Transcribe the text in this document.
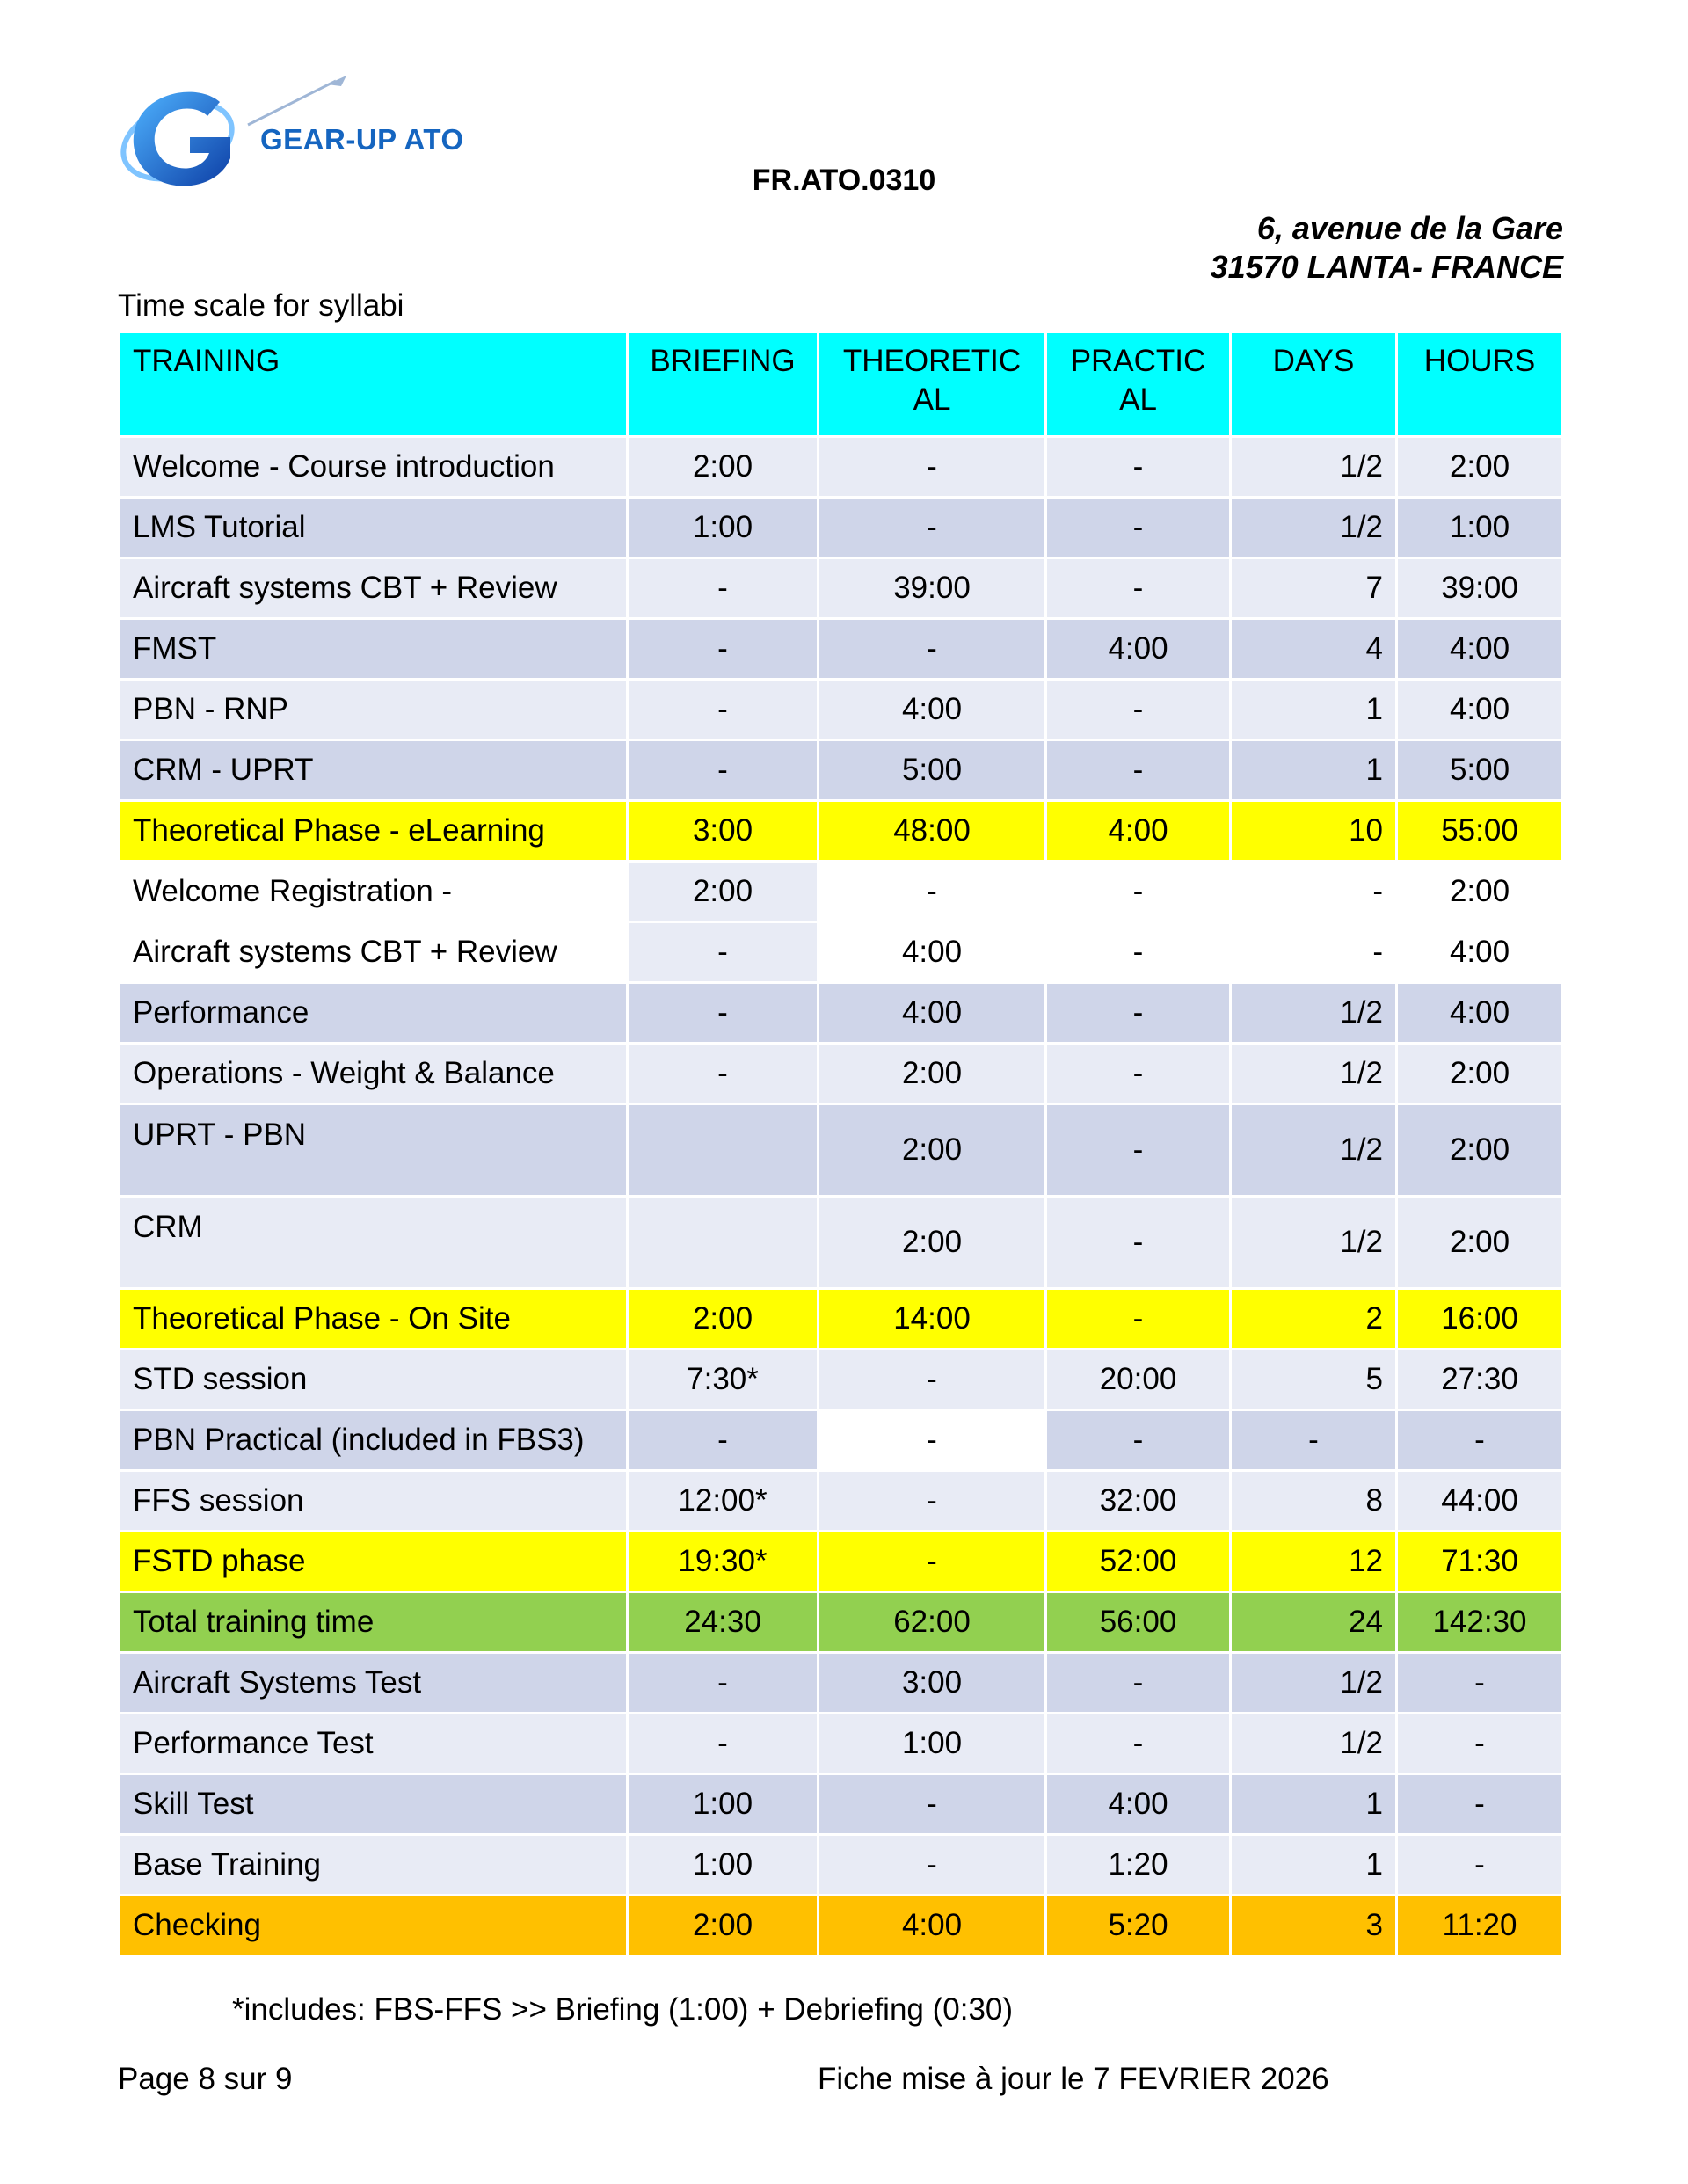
GEAR-UP ATO
FR.ATO.0310
6, avenue de la Gare
31570 LANTA- FRANCE
Time scale for syllabi
TRAINING	BRIEFING	THEORETIC AL	PRACTIC AL	DAYS	HOURS
Welcome - Course introduction	2:00	-	-	1/2	2:00
LMS Tutorial	1:00	-	-	1/2	1:00
Aircraft systems CBT + Review	-	39:00	-	7	39:00
FMST	-	-	4:00	4	4:00
PBN - RNP	-	4:00	-	1	4:00
CRM - UPRT	-	5:00	-	1	5:00
Theoretical Phase - eLearning	3:00	48:00	4:00	10	55:00
Welcome Registration -	2:00	-	-	-	2:00
Aircraft systems CBT + Review	-	4:00	-	-	4:00
Performance	-	4:00	-	1/2	4:00
Operations - Weight & Balance	-	2:00	-	1/2	2:00
UPRT - PBN		2:00	-	1/2	2:00
CRM		2:00	-	1/2	2:00
Theoretical Phase - On Site	2:00	14:00	-	2	16:00
STD session	7:30*	-	20:00	5	27:30
PBN Practical (included in FBS3)	-	-	-	-	-
FFS session	12:00*	-	32:00	8	44:00
FSTD phase	19:30*	-	52:00	12	71:30
Total training time	24:30	62:00	56:00	24	142:30
Aircraft Systems Test	-	3:00	-	1/2	-
Performance Test	-	1:00	-	1/2	-
Skill Test	1:00	-	4:00	1	-
Base Training	1:00	-	1:20	1	-
Checking	2:00	4:00	5:20	3	11:20
*includes: FBS-FFS >> Briefing (1:00) + Debriefing (0:30)
Page 8 sur 9	Fiche mise à jour le 7 FEVRIER 2026
